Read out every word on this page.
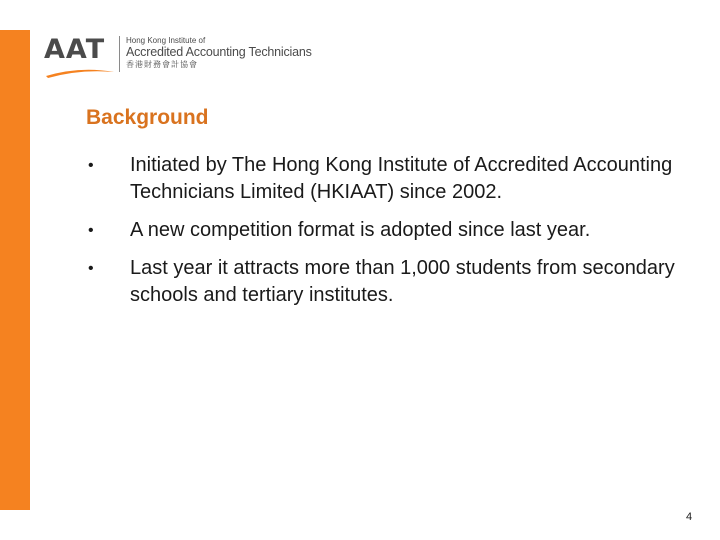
AAT	Hong Kong Institute of
Accredited Accounting Technicians
香港財務會計協會
Background
• Initiated by The Hong Kong Institute of Accredited Accounting Technicians Limited (HKIAAT) since 2002.
• A new competition format is adopted since last year.
• Last year it attracts more than 1,000 students from secondary schools and tertiary institutes.
4
